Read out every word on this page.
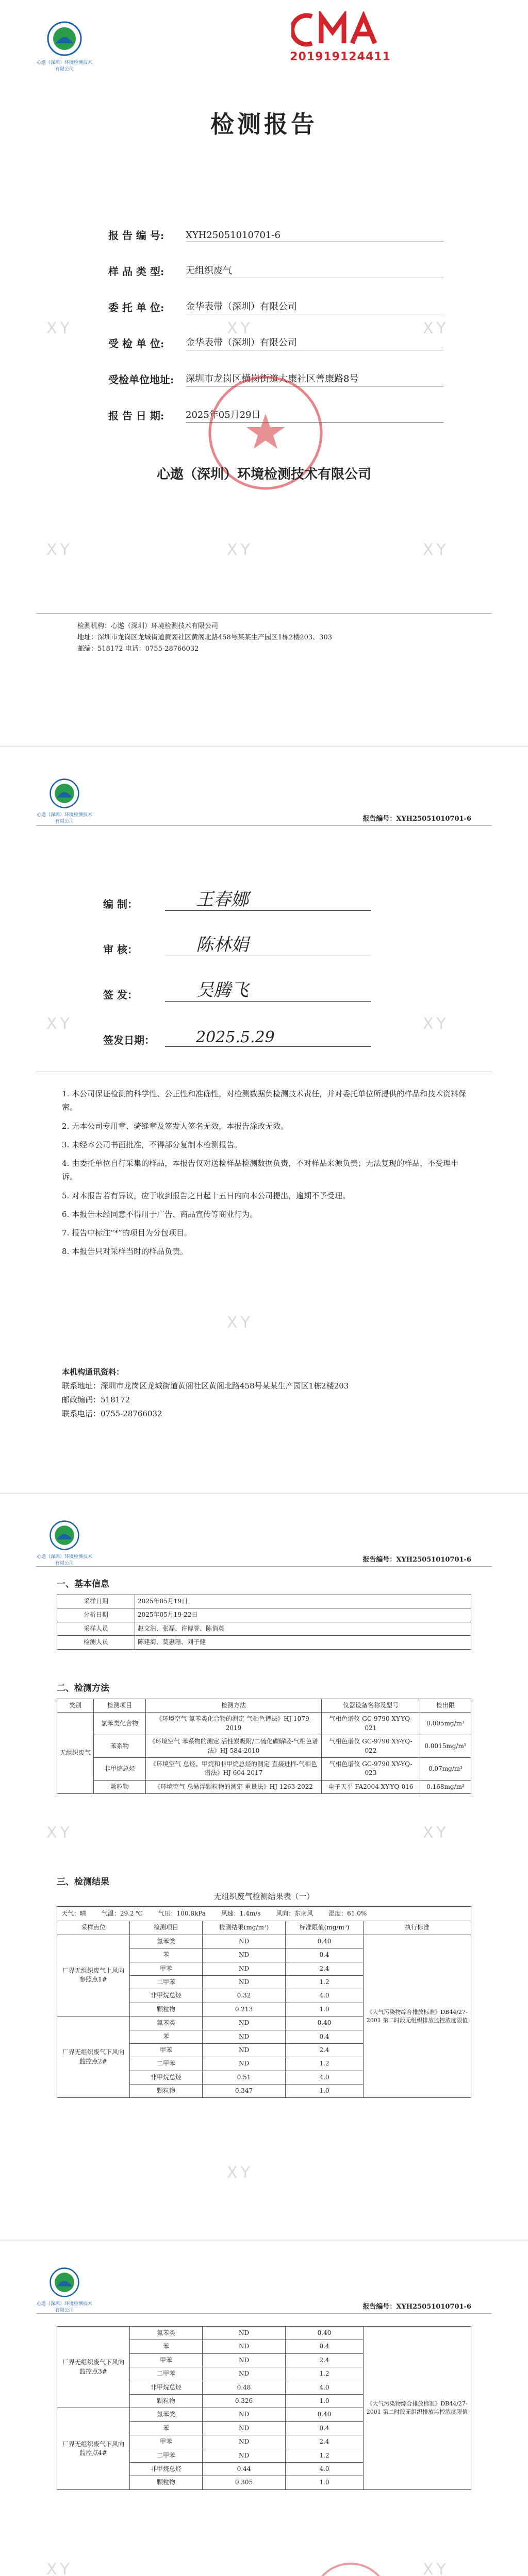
心遨（深圳）环境检测技术有限公司
201919124411
检测报告
报 告 编 号:	XYH25051010701-6
样 品 类 型:	无组织废气
委 托 单 位:	金华表带（深圳）有限公司
受 检 单 位:	金华表带（深圳）有限公司
受检单位地址:	深圳市龙岗区横岗街道大康社区善康路8号
报 告 日 期:	2025年05月29日
心遨（深圳）环境检测技术有限公司
XY	XY	XY
XY	XY	XY
检测机构：心遨（深圳）环境检测技术有限公司
地址：深圳市龙岗区龙城街道黄阁社区黄阁北路458号某某生产园区1栋2楼203、303
邮编：518172 电话：0755-28766032
心遨（深圳）环境检测技术有限公司	报告编号：XYH25051010701-6
编 制：	王春娜
审 核：	陈林娟
签 发：	吴腾飞
签发日期：	2025.5.29

1. 本公司保证检测的科学性、公正性和准确性，对检测数据负检测技术责任，并对委托单位所提供的样品和技术资料保密。

2. 无本公司专用章、骑缝章及签发人签名无效，本报告涂改无效。

3. 未经本公司书面批准，不得部分复制本检测报告。

4. 由委托单位自行采集的样品，本报告仅对送检样品检测数据负责，不对样品来源负责；无法复现的样品，不受理申诉。

5. 对本报告若有异议，应于收到报告之日起十五日内向本公司提出，逾期不予受理。

6. 本报告未经同意不得用于广告、商品宣传等商业行为。

7. 报告中标注“*”的项目为分包项目。

8. 本报告只对采样当时的样品负责。

本机构通讯资料：
联系地址：深圳市龙岗区龙城街道黄阁社区黄阁北路458号某某生产园区1栋2楼203
邮政编码：518172
联系电话：0755-28766032
XY	XY
XY
心遨（深圳）环境检测技术有限公司	报告编号：XYH25051010701-6
一、基本信息
采样日期	2025年05月19日
分析日期	2025年05月19-22日
采样人员	赵文浩、张磊、许博誉、陈俏英
检测人员	陈建海、莫惠珊、刘子健
二、检测方法
类别	检测项目	检测方法	仪器设备名称及型号	检出限
无组织废气	氯苯类化合物	《环境空气 氯苯类化合物的测定 气相色谱法》HJ 1079-2019	气相色谱仪 GC-9790 XY-YQ-021	0.005mg/m³
	苯系物	《环境空气 苯系物的测定 活性炭吸附/二硫化碳解吸-气相色谱法》HJ 584-2010	气相色谱仪 GC-9790 XY-YQ-022	0.0015mg/m³
	非甲烷总烃	《环境空气 总烃、甲烷和非甲烷总烃的测定 直接进样-气相色谱法》HJ 604-2017	气相色谱仪 GC-9790 XY-YQ-023	0.07mg/m³
	颗粒物	《环境空气 总悬浮颗粒物的测定 重量法》HJ 1263-2022	电子天平 FA2004 XY-YQ-016	0.168mg/m³
三、检测结果
无组织废气检测结果表（一）
天气：晴 气温：29.2 ℃ 气压：100.8kPa 风速：1.4m/s 风向：东南风 湿度：61.0%				
采样点位	检测项目	检测结果(mg/m³)	标准限值(mg/m³)	执行标准
厂界无组织废气上风向参照点1#	氯苯类	ND	0.40	《大气污染物综合排放标准》DB44/27-2001 第二时段无组织排放监控浓度限值
	苯	ND	0.4	
	甲苯	ND	2.4	
	二甲苯	ND	1.2	
	非甲烷总烃	0.32	4.0	
	颗粒物	0.213	1.0	
厂界无组织废气下风向监控点2#	氯苯类	ND	0.40	
	苯	ND	0.4	
	甲苯	ND	2.4	
	二甲苯	ND	1.2	
	非甲烷总烃	0.51	4.0	
	颗粒物	0.347	1.0	
XY	XY
XY
心遨（深圳）环境检测技术有限公司	报告编号：XYH25051010701-6
厂界无组织废气下风向监控点3#	氯苯类	ND	0.40	《大气污染物综合排放标准》DB44/27-2001 第二时段无组织排放监控浓度限值
	苯	ND	0.4	
	甲苯	ND	2.4	
	二甲苯	ND	1.2	
	非甲烷总烃	0.48	4.0	
	颗粒物	0.326	1.0	
厂界无组织废气下风向监控点4#	氯苯类	ND	0.40	
	苯	ND	0.4	
	甲苯	ND	2.4	
	二甲苯	ND	1.2	
	非甲烷总烃	0.44	4.0	
	颗粒物	0.305	1.0	

XY	XY
